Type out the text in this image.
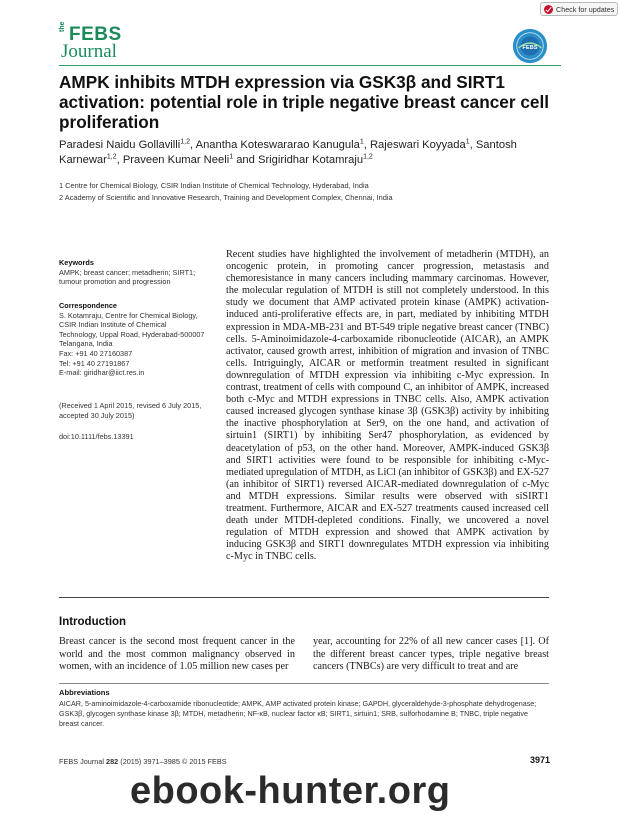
Check for updates
the FEBS
Journal	FEBS
AMPK inhibits MTDH expression via GSK3β and SIRT1 activation: potential role in triple negative breast cancer cell proliferation
Paradesi Naidu Gollavilli$^{1,2}$, Anantha Koteswararao Kanugula$^1$, Rajeswari Koyyada$^1$, Santosh Karnewar$^{1,2}$, Praveen Kumar Neeli$^1$ and Srigiridhar Kotamraju$^{1,2}$
1 Centre for Chemical Biology, CSIR Indian Institute of Chemical Technology, Hyderabad, India
2 Academy of Scientific and Innovative Research, Training and Development Complex, Chennai, India
Keywords
AMPK; breast cancer; metadherin; SIRT1; tumour promotion and progression
Correspondence
S. Kotamraju, Centre for Chemical Biology,
CSIR Indian Institute of Chemical
Technology, Uppal Road, Hyderabad-500007
Telangana, India
Fax: +91 40 27160387
Tel: +91 40 27191867
E-mail: giridhar@iict.res.in
(Received 1 April 2015, revised 6 July 2015, accepted 30 July 2015)
doi:10.1111/febs.13391
Recent studies have highlighted the involvement of metadherin (MTDH), an oncogenic protein, in promoting cancer progression, metastasis and chemoresistance in many cancers including mammary carcinomas. However, the molecular regulation of MTDH is still not completely understood. In this study we document that AMP activated protein kinase (AMPK) activation-induced anti-proliferative effects are, in part, mediated by inhibiting MTDH expression in MDA-MB-231 and BT-549 triple negative breast cancer (TNBC) cells. 5-Aminoimidazole-4-carboxamide ribonucleotide (AICAR), an AMPK activator, caused growth arrest, inhibition of migration and invasion of TNBC cells. Intriguingly, AICAR or metformin treatment resulted in significant downregulation of MTDH expression via inhibiting c-Myc expression. In contrast, treatment of cells with compound C, an inhibitor of AMPK, increased both c-Myc and MTDH expressions in TNBC cells. Also, AMPK activation caused increased glycogen synthase kinase 3β (GSK3β) activity by inhibiting the inactive phosphorylation at Ser9, on the one hand, and activation of sirtuin1 (SIRT1) by inhibiting Ser47 phosphorylation, as evidenced by deacetylation of p53, on the other hand. Moreover, AMPK-induced GSK3β and SIRT1 activities were found to be responsible for inhibiting c-Myc-mediated upregulation of MTDH, as LiCl (an inhibitor of GSK3β) and EX-527 (an inhibitor of SIRT1) reversed AICAR-mediated downregulation of c-Myc and MTDH expressions. Similar results were observed with siSIRT1 treatment. Furthermore, AICAR and EX-527 treatments caused increased cell death under MTDH-depleted conditions. Finally, we uncovered a novel regulation of MTDH expression and showed that AMPK activation by inducing GSK3β and SIRT1 downregulates MTDH expression via inhibiting c-Myc in TNBC cells.
Introduction
Breast cancer is the second most frequent cancer in the world and the most common malignancy observed in women, with an incidence of 1.05 million new cases per
year, accounting for 22% of all new cancer cases [1]. Of the different breast cancer types, triple negative breast cancers (TNBCs) are very difficult to treat and are
Abbreviations
AICAR, 5-aminoimidazole-4-carboxamide ribonucleotide; AMPK, AMP activated protein kinase; GAPDH, glyceraldehyde-3-phosphate dehydrogenase; GSK3β, glycogen synthase kinase 3β; MTDH, metadherin; NF-κB, nuclear factor κB; SIRT1, sirtuin1; SRB, sulforhodamine B; TNBC, triple negative breast cancer.
FEBS Journal 282 (2015) 3971–3985 © 2015 FEBS	3971
ebook-hunter.org
